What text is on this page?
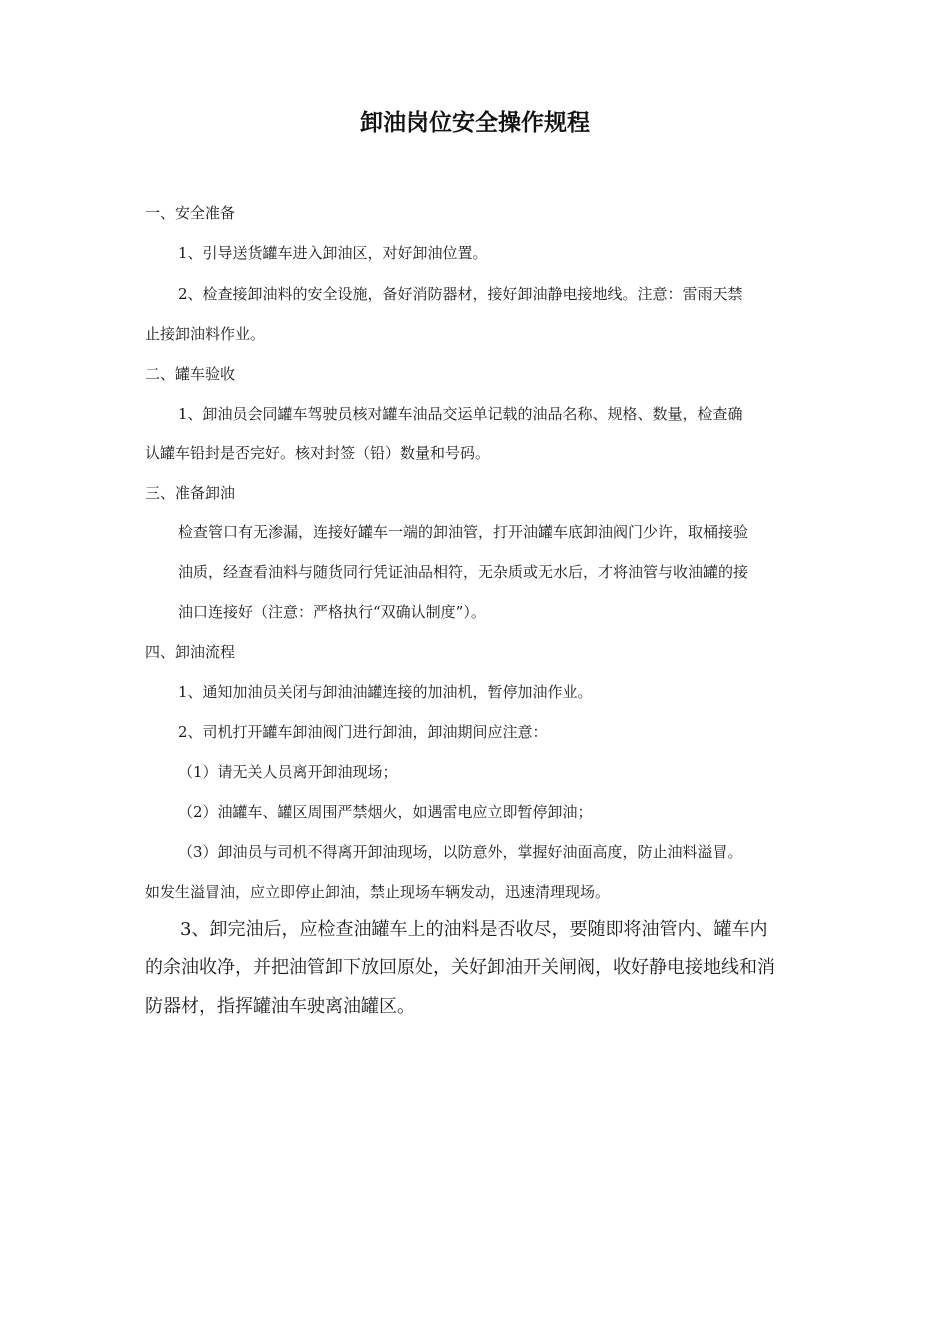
卸油岗位安全操作规程
一、安全准备
1、引导送货罐车进入卸油区，对好卸油位置。
2、检查接卸油料的安全设施，备好消防器材，接好卸油静电接地线。注意：雷雨天禁
止接卸油料作业。
二、罐车验收
1、卸油员会同罐车驾驶员核对罐车油品交运单记载的油品名称、规格、数量，检查确
认罐车铅封是否完好。核对封签（铅）数量和号码。
三、准备卸油
检查管口有无渗漏，连接好罐车一端的卸油管，打开油罐车底卸油阀门少许，取桶接验
油质，经查看油料与随货同行凭证油品相符，无杂质或无水后，才将油管与收油罐的接
油口连接好（注意：严格执行“双确认制度”）。
四、卸油流程
1、通知加油员关闭与卸油油罐连接的加油机，暂停加油作业。
2、司机打开罐车卸油阀门进行卸油，卸油期间应注意：
（1）请无关人员离开卸油现场；
（2）油罐车、罐区周围严禁烟火，如遇雷电应立即暂停卸油；
（3）卸油员与司机不得离开卸油现场，以防意外，掌握好油面高度，防止油料溢冒。
如发生溢冒油，应立即停止卸油，禁止现场车辆发动，迅速清理现场。
3、卸完油后，应检查油罐车上的油料是否收尽，要随即将油管内、罐车内
的余油收净，并把油管卸下放回原处，关好卸油开关闸阀，收好静电接地线和消
防器材，指挥罐油车驶离油罐区。
